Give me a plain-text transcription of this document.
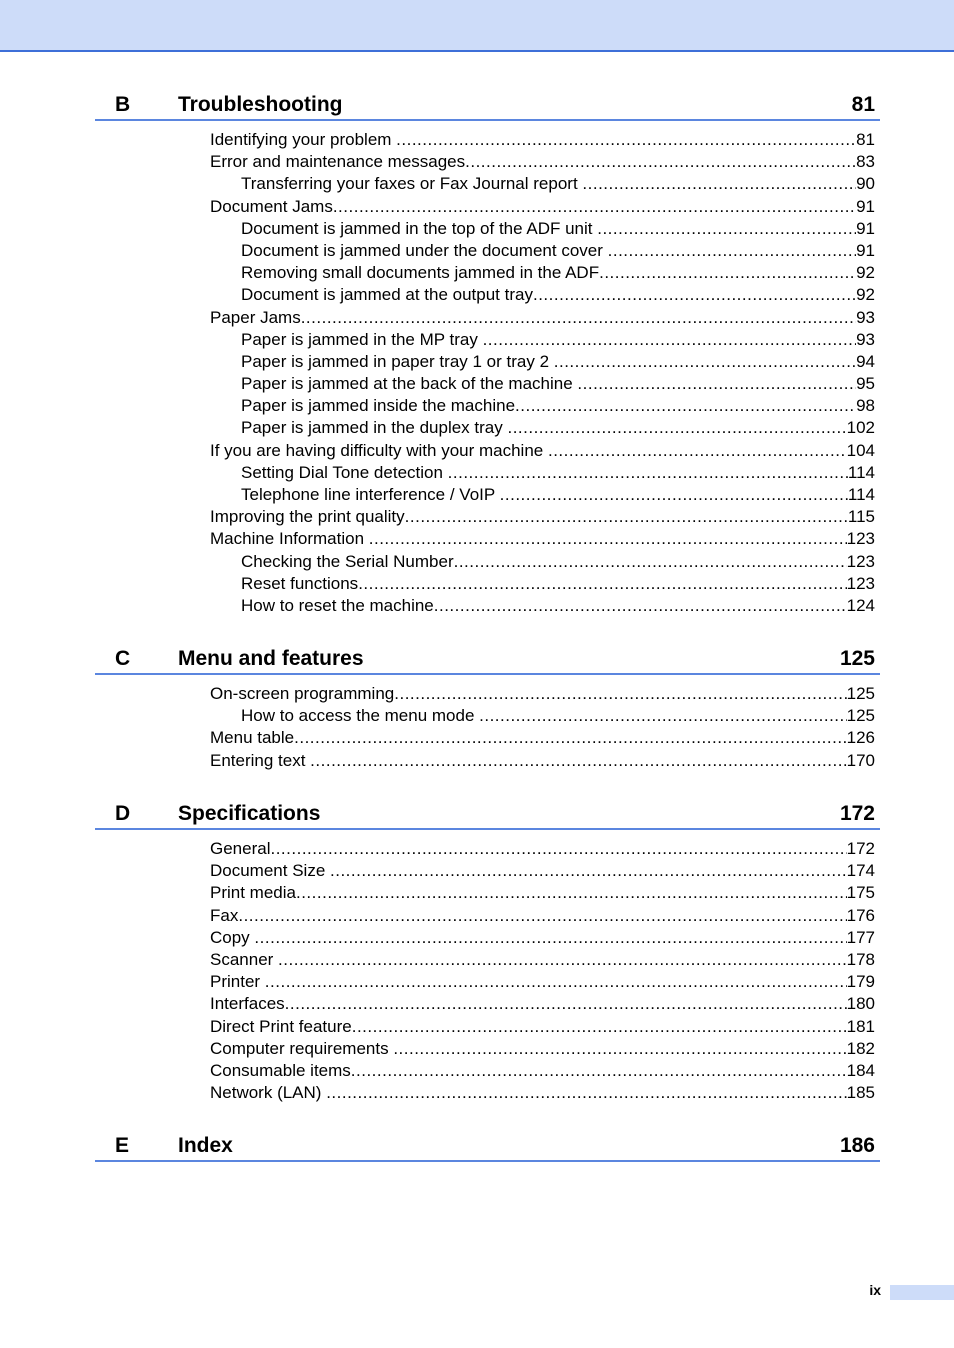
B Troubleshooting	81
Identifying your problem .....	81
Error and maintenance messages .....	83
Transferring your faxes or Fax Journal report .....	90
Document Jams .....	91
Document is jammed in the top of the ADF unit .....	91
Document is jammed under the document cover .....	91
Removing small documents jammed in the ADF .....	92
Document is jammed at the output tray .....	92
Paper Jams .....	93
Paper is jammed in the MP tray .....	93
Paper is jammed in paper tray 1 or tray 2 .....	94
Paper is jammed at the back of the machine .....	95
Paper is jammed inside the machine .....	98
Paper is jammed in the duplex tray .....	102
If you are having difficulty with your machine .....	104
Setting Dial Tone detection .....	114
Telephone line interference / VoIP .....	114
Improving the print quality .....	115
Machine Information .....	123
Checking the Serial Number .....	123
Reset functions .....	123
How to reset the machine .....	124
C Menu and features	125
On-screen programming .....	125
How to access the menu mode .....	125
Menu table .....	126
Entering text .....	170
D Specifications	172
General .....	172
Document Size .....	174
Print media .....	175
Fax .....	176
Copy .....	177
Scanner .....	178
Printer .....	179
Interfaces .....	180
Direct Print feature .....	181
Computer requirements .....	182
Consumable items .....	184
Network (LAN) .....	185
E Index	186
ix
